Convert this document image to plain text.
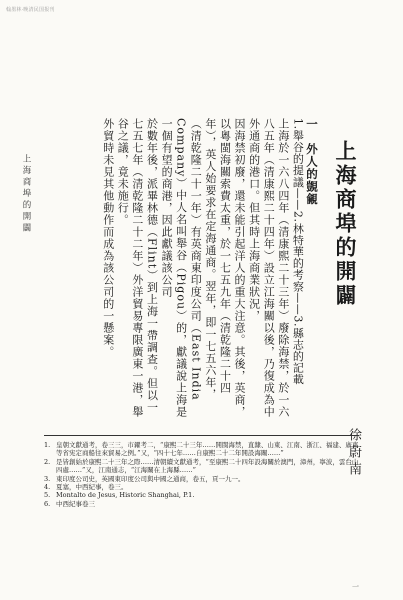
翰墨林·晚清民国报刊
上海商埠的開闢
徐蔚南
上海商埠的開闢	一　外人的覬覦

1.舉谷的提議——2.林特華的考察——3.縣志的記載

上海於一六八四年（清康熙二十三年）廢除海禁，於一六八五年（清康熙二十四年）設立江海關以後，乃復成為中外通商的港口。但其時上海商業狀況，

因海禁初廢，還未能引起洋人的重大注意。其後，英商，以粵閩海關索費太重，於一七五九年（清乾隆二十四年），英人始要求在定海通商。翌年，即一七五六年，

（清乾隆二十一年）有英商東印度公司（East India Company）中人名叫舉谷（Pigou）的，獻議說上海是一個有望的商港，因此獻議該公司

於數年後，派畢林德（Flint）到上海一帶調查。但以一七五七年（清乾隆二十二年）外洋貿易專限廣東一港，舉谷之議，竟未施行。

外貿時未見其他動作而成為該公司的一懸案。

1. 皇朝文獻通考，卷三三，市糴考二，“康熙二十三年……開閩海禁，直隸、山東、江南、浙江、福建、廣東等省宪定商船往來貿易之例。”又，“四十七年……自康熙二十二年開設海關……”

2. 是皆創始於康熙二十三年之際……清朝續文獻通考，“至康熙二十四年設海關於澳門，漳州，寧波，雲台山四處……”又，江南通志，“江海關在上海縣……”

3. 東印度公司史，英國東印度公司與中國之通商，卷五，頁一九一。

4. 夏塞，中西紀事，卷三。

5. Montalto de Jesus, Historic Shanghai, P.1.

6. 中西紀事卷三

一
